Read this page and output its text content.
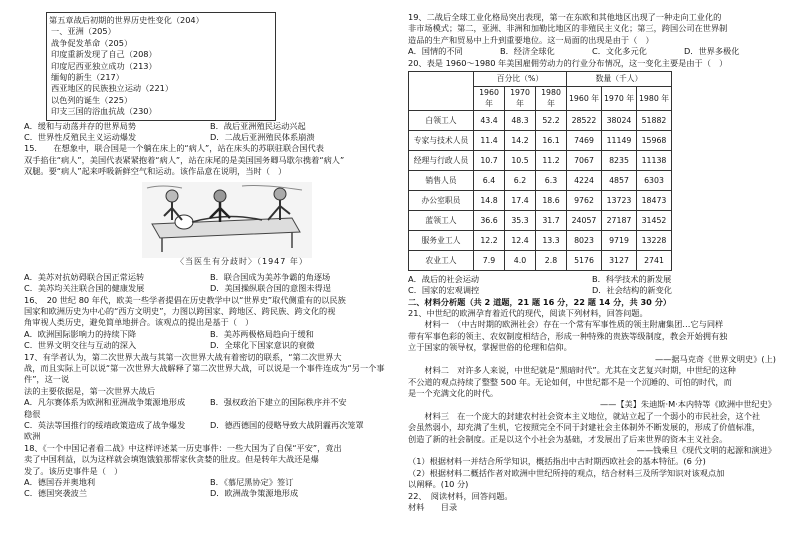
第五章战后初期的世界历史性变化（204）

一、亚洲（205）

战争促发革命（205）

印度重新发现了自己（208）

印度尼西亚独立成功（213）

缅甸的新生（217）

西亚地区的民族独立运动（221）

以色列的诞生（225）

印支三国的浴血抗战（230）

A．缓和与动荡并存的世界局势	B．战后亚洲殖民运动兴起
C．世界性反殖民主义运动爆发	D．二战后亚洲殖民体系崩溃

15.　　在想象中，联合国是一个躺在床上的“病人”，站在床头的苏联驻联合国代表

双手掐住“病人”，美国代表紧紧抱着“病人”，站在床尾的是美国国务卿马歇尔携着“病人”

双腿。要“病人”起来呼吸新鲜空气和运动。该作品意在说明，当时（　）

〈当医生有分歧时〉（1947 年）
A．美苏对抗妨碍联合国正常运转	B．联合国成为美苏争霸的角逐场
C．美苏均关注联合国的健康发展	D．美国操纵联合国的意图未得逞

16、　20 世纪 80 年代，欧美一些学者提倡在历史教学中以“世界史”取代侧重有的以民族

国家和欧洲历史为中心的“西方文明史”，力图以跨国家、跨地区、跨民族、跨文化的视

角审视人类历史，避免简单地拼合。该观点的提出是基于（　）

A．欧洲国际影响力的持续下降	B．美苏两极格局趋向于缓和
C．世界文明交往与互动的深入	D．全球化下国家意识的衰微

17、有学者认为，第二次世界大战与其第一次世界大战有着密切的联系，“第二次世界大

战，而且实际上可以说“第一次世界大战解释了第二次世界大战，可以说是一个事件连成为“另一个事件”，这一说

法的主要依据是，第一次世界大战后

A．凡尔赛体系为欧洲和亚洲战争策源地形成	B．强权政治下建立的国际秩序并不安

稳很

C．英法等国推行的绥靖政策造成了战争爆发	D．德西德国的侵略导致大战阴霾再次笼罩

欧洲

18、《一个中国记者看二战》中这样评述某一历史事件：一些大国为了自保“平安”，竟出

卖了中国利益，以为这样就会填饱饿狼那帮家伙贪婪的肚皮。但是转年大战还是爆

发了。该历史事件是（　）

A．德国吞并奥地利	B．《慕尼黑协定》签订
C．德国突袭波兰	D．欧洲战争策源地形成

19、二战后全球工业化格局突出表现，第一在东欧和其他地区出现了一种走向工业化的

非市场模式；第二，亚洲、非洲和加勒比地区的非殖民主义化；第三，跨国公司在世界制

造品的生产和贸易中上升到重要地位。这一局面的出现是由于（　）

A．国情的不同	B．经济全球化	C．文化多元化	D．世界多极化

20、表是 1960～1980 年美国雇佣劳动力的行业分布情况，这一变化主要是由于（　）

	百分比（%）			数量（千人）		
	1960 年	1970 年	1980 年	1960 年	1970 年	1980 年
白领工人	43.4	48.3	52.2	28522	38024	51882
专家与技术人员	11.4	14.2	16.1	7469	11149	15968
经理与行政人员	10.7	10.5	11.2	7067	8235	11138
销售人员	6.4	6.2	6.3	4224	4857	6303
办公室职员	14.8	17.4	18.6	9762	13723	18473
蓝领工人	36.6	35.3	31.7	24057	27187	31452
服务业工人	12.2	12.4	13.3	8023	9719	13228
农业工人	7.9	4.0	2.8	5176	3127	2741
A．战后的社会运动	B．科学技术的新发展
C．国家的宏观调控	D．社会结构的新变化

二、材料分析题（共 2 道题，21 题 16 分，22 题 14 分，共 30 分）

21、中世纪的欧洲孕育着近代的现代，阅读下列材料，回答问题。

材料一　（中古时期的欧洲社会）存在一个常有军事性质的领主附庸集团…它与同样

带有军事色彩的领主、农奴制度相结合，形成一种特殊的贵族等级制度，教会开始拥有独

立于国家的领导权，掌握世俗的伦理和信仰。

——据马克奇《世界文明史》(上)

材料二　对许多人来说，中世纪就是“黑暗时代”。尤其在文艺复兴时期，中世纪的这种

不公道的观点持续了整整 500 年。无论如何，中世纪都不是一个沉睡的、可怕的时代，而

是一个充满文化的时代。

——【美】朱迪斯·M·本内特等《欧洲中世纪史》

材料三　在一个庞大的封建农村社会资本主义地位，就站立起了一个弱小的市民社会，这个社

会虽然弱小，却充满了生机，它按照完全不同于封建社会主体制外不断发展的，形成了价值标准，

创造了新的社会制度。正是以这个小社会为基础，才发展出了后来世界的资本主义社会。

——钱乘旦《现代文明的起源和演进》

（1）根据材料一并结合所学知识，概括指出中古时期西欧社会的基本特征。(6 分)

（2）根据材料二概括作者对欧洲中世纪所持的观点，结合材料三及所学知识对该观点加

以阐释。(10 分)

22、　阅读材料，回答问题。

材料　　目录
